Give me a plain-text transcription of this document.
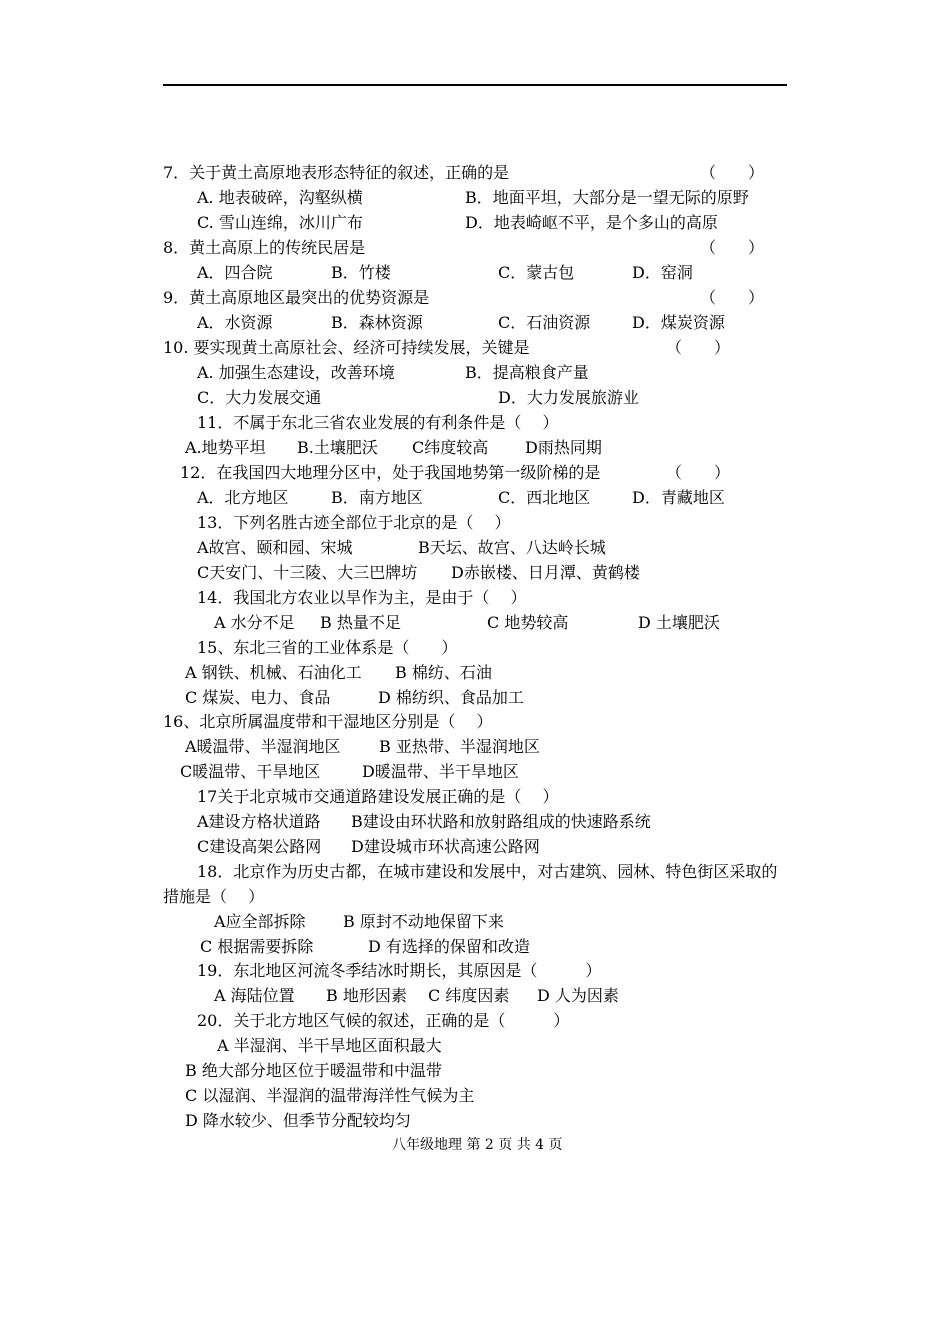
7．关于黄土高原地表形态特征的叙述，正确的是	（　　）
A. 地表破碎，沟壑纵横	B．地面平坦，大部分是一望无际的原野
C. 雪山连绵，冰川广布	D．地表崎岖不平，是个多山的高原
8．黄土高原上的传统民居是	（　　）
A．四合院	B．竹楼	C．蒙古包	D．窑洞
9．黄土高原地区最突出的优势资源是	（　　）
A．水资源	B．森林资源	C．石油资源	D．煤炭资源
10. 要实现黄土高原社会、经济可持续发展，关键是	（　　）
A. 加强生态建设，改善环境	B．提高粮食产量
C．大力发展交通	D．大力发展旅游业
11．不属于东北三省农业发展的有利条件是（　 ）
A.地势平坦 B.土壤肥沃 C纬度较高 D雨热同期
12．在我国四大地理分区中，处于我国地势第一级阶梯的是	（　　）
A．北方地区	B．南方地区	C．西北地区	D．青藏地区
13．下列名胜古迹全部位于北京的是（　 ）
A故宫、颐和园、宋城	B天坛、故宫、八达岭长城
C天安门、十三陵、大三巴牌坊 D赤嵌楼、日月潭、黄鹤楼
14．我国北方农业以旱作为主，是由于（　 ）
A 水分不足 B 热量不足	C 地势较高	D 土壤肥沃
15、东北三省的工业体系是（　　）
A 钢铁、机械、石油化工 B 棉纺、石油
C 煤炭、电力、食品	D 棉纺织、食品加工
16、北京所属温度带和干湿地区分别是（　 ）
A暖温带、半湿润地区 B 亚热带、半湿润地区
C暖温带、干旱地区	D暖温带、半干旱地区
17关于北京城市交通道路建设发展正确的是（　 ）
A建设方格状道路 B建设由环状路和放射路组成的快速路系统
C建设高架公路网 D建设城市环状高速公路网
18．北京作为历史古都，在城市建设和发展中，对古建筑、园林、特色街区采取的
措施是（　 ）
A应全部拆除 B 原封不动地保留下来
C 根据需要拆除	D 有选择的保留和改造
19．东北地区河流冬季结冰时期长，其原因是（　　　）
A 海陆位置 B 地形因素 C 纬度因素 D 人为因素
20．关于北方地区气候的叙述，正确的是（　　　）
A 半湿润、半干旱地区面积最大
B 绝大部分地区位于暖温带和中温带
C 以湿润、半湿润的温带海洋性气候为主
D 降水较少、但季节分配较均匀
八年级地理 第 2 页 共 4 页
